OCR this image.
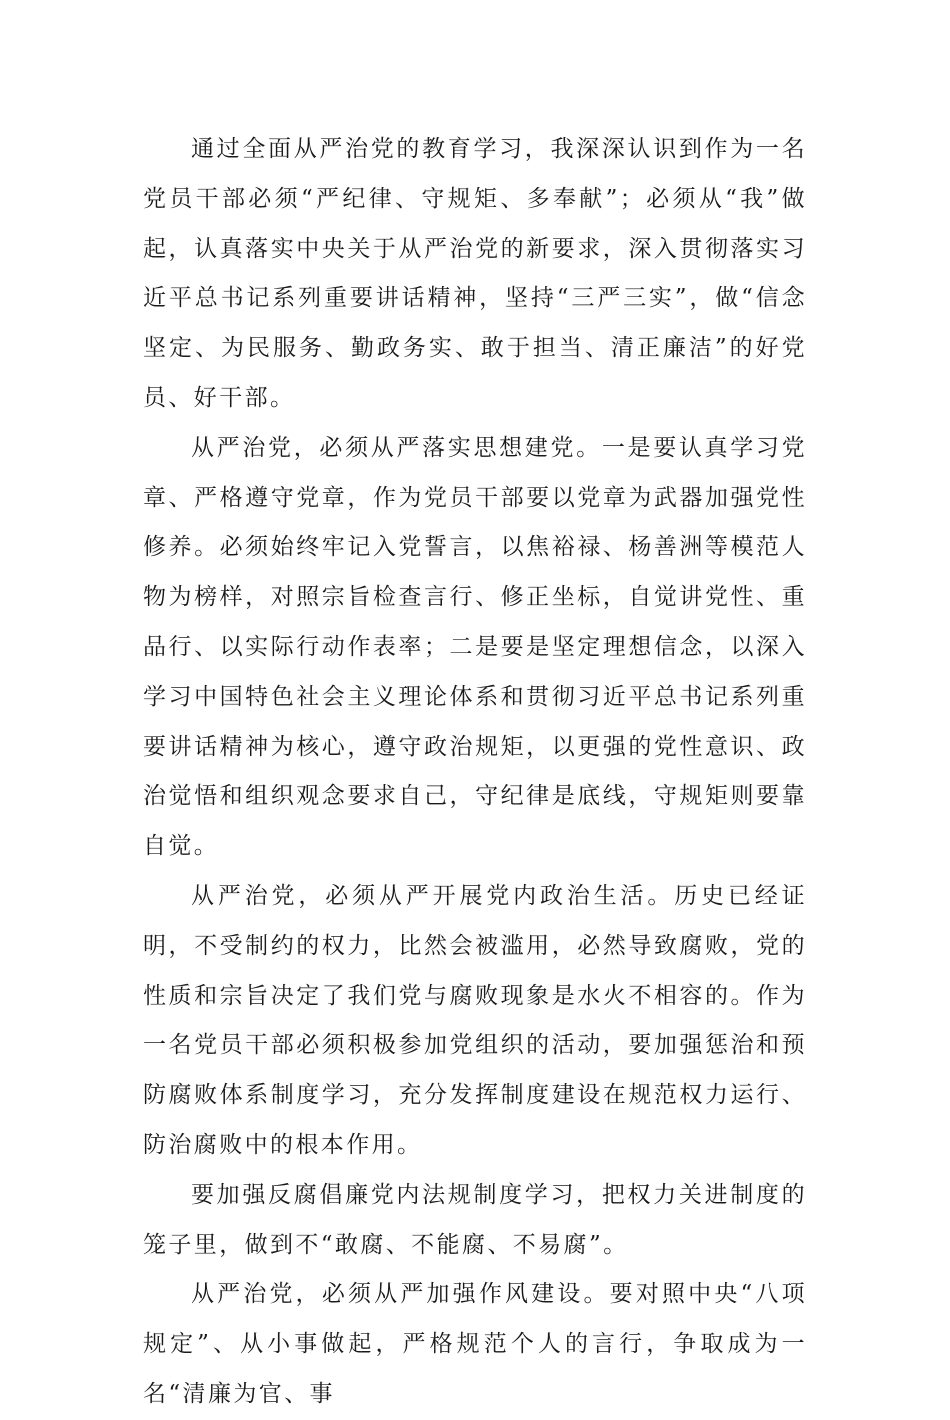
通过全面从严治党的教育学习，我深深认识到作为一名党员干部必须“严纪律、守规矩、多奉献”；必须从“我”做起，认真落实中央关于从严治党的新要求，深入贯彻落实习近平总书记系列重要讲话精神，坚持“三严三实”，做“信念坚定、为民服务、勤政务实、敢于担当、清正廉洁”的好党员、好干部。

从严治党，必须从严落实思想建党。一是要认真学习党章、严格遵守党章，作为党员干部要以党章为武器加强党性修养。必须始终牢记入党誓言，以焦裕禄、杨善洲等模范人物为榜样，对照宗旨检查言行、修正坐标，自觉讲党性、重品行、以实际行动作表率；二是要是坚定理想信念，以深入学习中国特色社会主义理论体系和贯彻习近平总书记系列重要讲话精神为核心，遵守政治规矩，以更强的党性意识、政治觉悟和组织观念要求自己，守纪律是底线，守规矩则要靠自觉。

从严治党，必须从严开展党内政治生活。历史已经证明，不受制约的权力，比然会被滥用，必然导致腐败，党的性质和宗旨决定了我们党与腐败现象是水火不相容的。作为一名党员干部必须积极参加党组织的活动，要加强惩治和预防腐败体系制度学习，充分发挥制度建设在规范权力运行、防治腐败中的根本作用。

要加强反腐倡廉党内法规制度学习，把权力关进制度的笼子里，做到不“敢腐、不能腐、不易腐”。

从严治党，必须从严加强作风建设。要对照中央“八项规定”、从小事做起，严格规范个人的言行，争取成为一名“清廉为官、事
